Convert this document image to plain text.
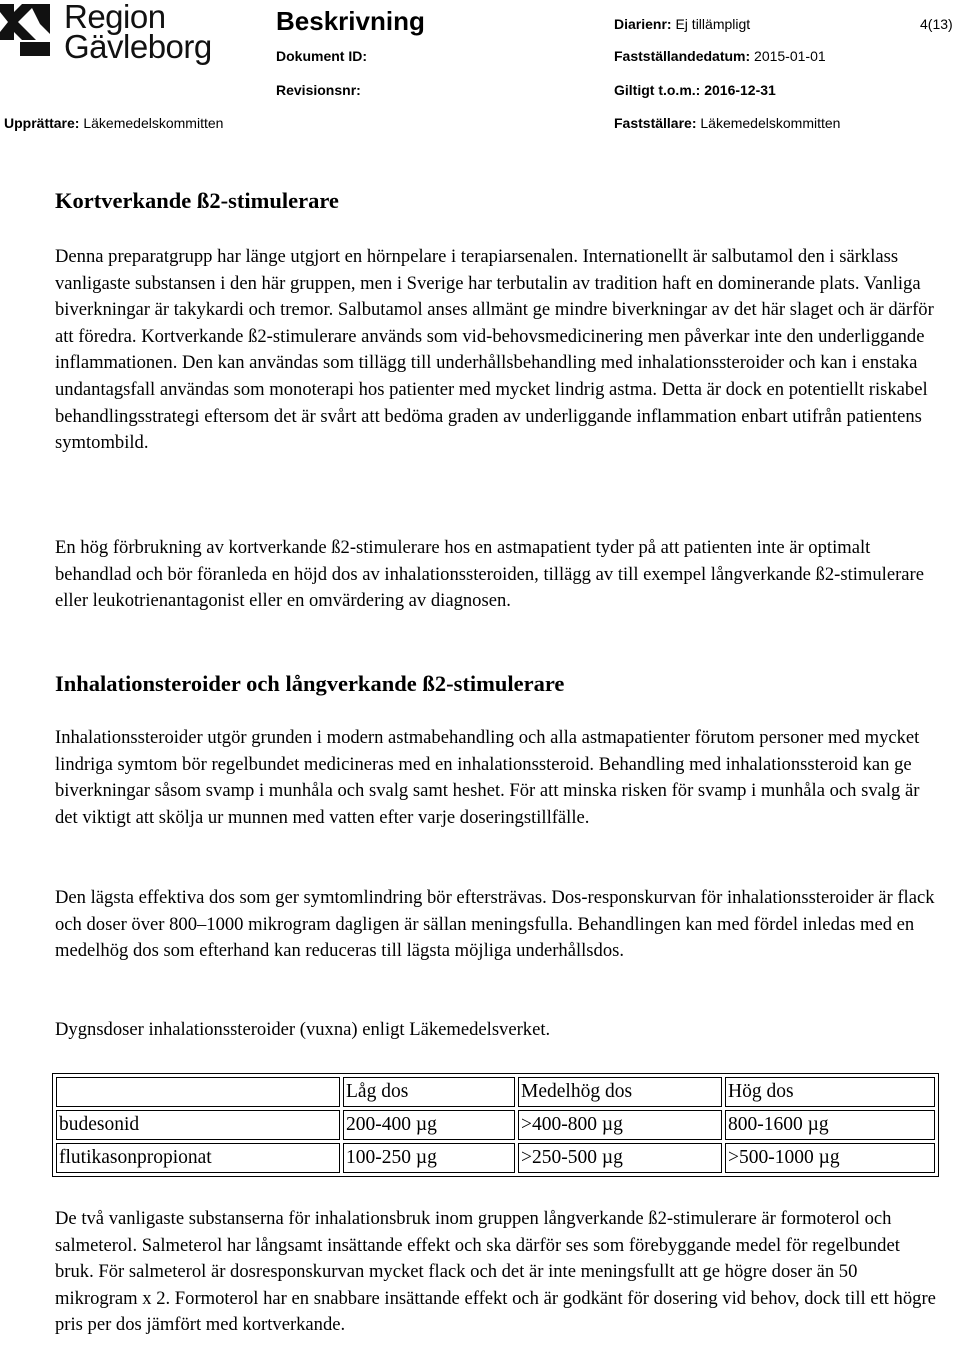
Region
Gävleborg
Beskrivning	Diarienr: Ej tillämpligt	4(13)
Dokument ID:	Fastställandedatum: 2015-01-01
Revisionsnr:	Giltigt t.o.m.: 2016-12-31
Upprättare: Läkemedelskommitten	Fastställare: Läkemedelskommitten
Kortverkande ß2-stimulerare

Denna preparatgrupp har länge utgjort en hörnpelare i terapiarsenalen. Internationellt är salbutamol den i särklass vanligaste substansen i den här gruppen, men i Sverige har terbutalin av tradition haft en dominerande plats. Vanliga biverkningar är takykardi och tremor. Salbutamol anses allmänt ge mindre biverkningar av det här slaget och är därför att föredra. Kortverkande ß2-stimulerare används som vid-behovsmedicinering men påverkar inte den underliggande inflammationen. Den kan användas som tillägg till underhållsbehandling med inhalationssteroider och kan i enstaka undantagsfall användas som monoterapi hos patienter med mycket lindrig astma. Detta är dock en potentiellt riskabel behandlingsstrategi eftersom det är svårt att bedöma graden av underliggande inflammation enbart utifrån patientens symtombild.

En hög förbrukning av kortverkande ß2-stimulerare hos en astmapatient tyder på att patienten inte är optimalt behandlad och bör föranleda en höjd dos av inhalationssteroiden, tillägg av till exempel långverkande ß2-stimulerare eller leukotrienantagonist eller en omvärdering av diagnosen.

Inhalationsteroider och långverkande ß2-stimulerare

Inhalationssteroider utgör grunden i modern astmabehandling och alla astmapatienter förutom personer med mycket lindriga symtom bör regelbundet medicineras med en inhalationssteroid. Behandling med inhalationssteroid kan ge biverkningar såsom svamp i munhåla och svalg samt heshet. För att minska risken för svamp i munhåla och svalg är det viktigt att skölja ur munnen med vatten efter varje doseringstillfälle.

Den lägsta effektiva dos som ger symtomlindring bör eftersträvas. Dos-responskurvan för inhalationssteroider är flack och doser över 800–1000 mikrogram dagligen är sällan meningsfulla. Behandlingen kan med fördel inledas med en medelhög dos som efterhand kan reduceras till lägsta möjliga underhållsdos.

Dygnsdoser inhalationssteroider (vuxna) enligt Läkemedelsverket.

	Låg dos	Medelhög dos	Hög dos
budesonid	200-400 µg	>400-800 µg	800-1600 µg
flutikasonpropionat	100-250 µg	>250-500 µg	>500-1000 µg

De två vanligaste substanserna för inhalationsbruk inom gruppen långverkande ß2-stimulerare är formoterol och salmeterol. Salmeterol har långsamt insättande effekt och ska därför ses som förebyggande medel för regelbundet bruk. För salmeterol är dosresponskurvan mycket flack och det är inte meningsfullt att ge högre doser än 50 mikrogram x 2. Formoterol har en snabbare insättande effekt och är godkänt för dosering vid behov, dock till ett högre pris per dos jämfört med kortverkande.
